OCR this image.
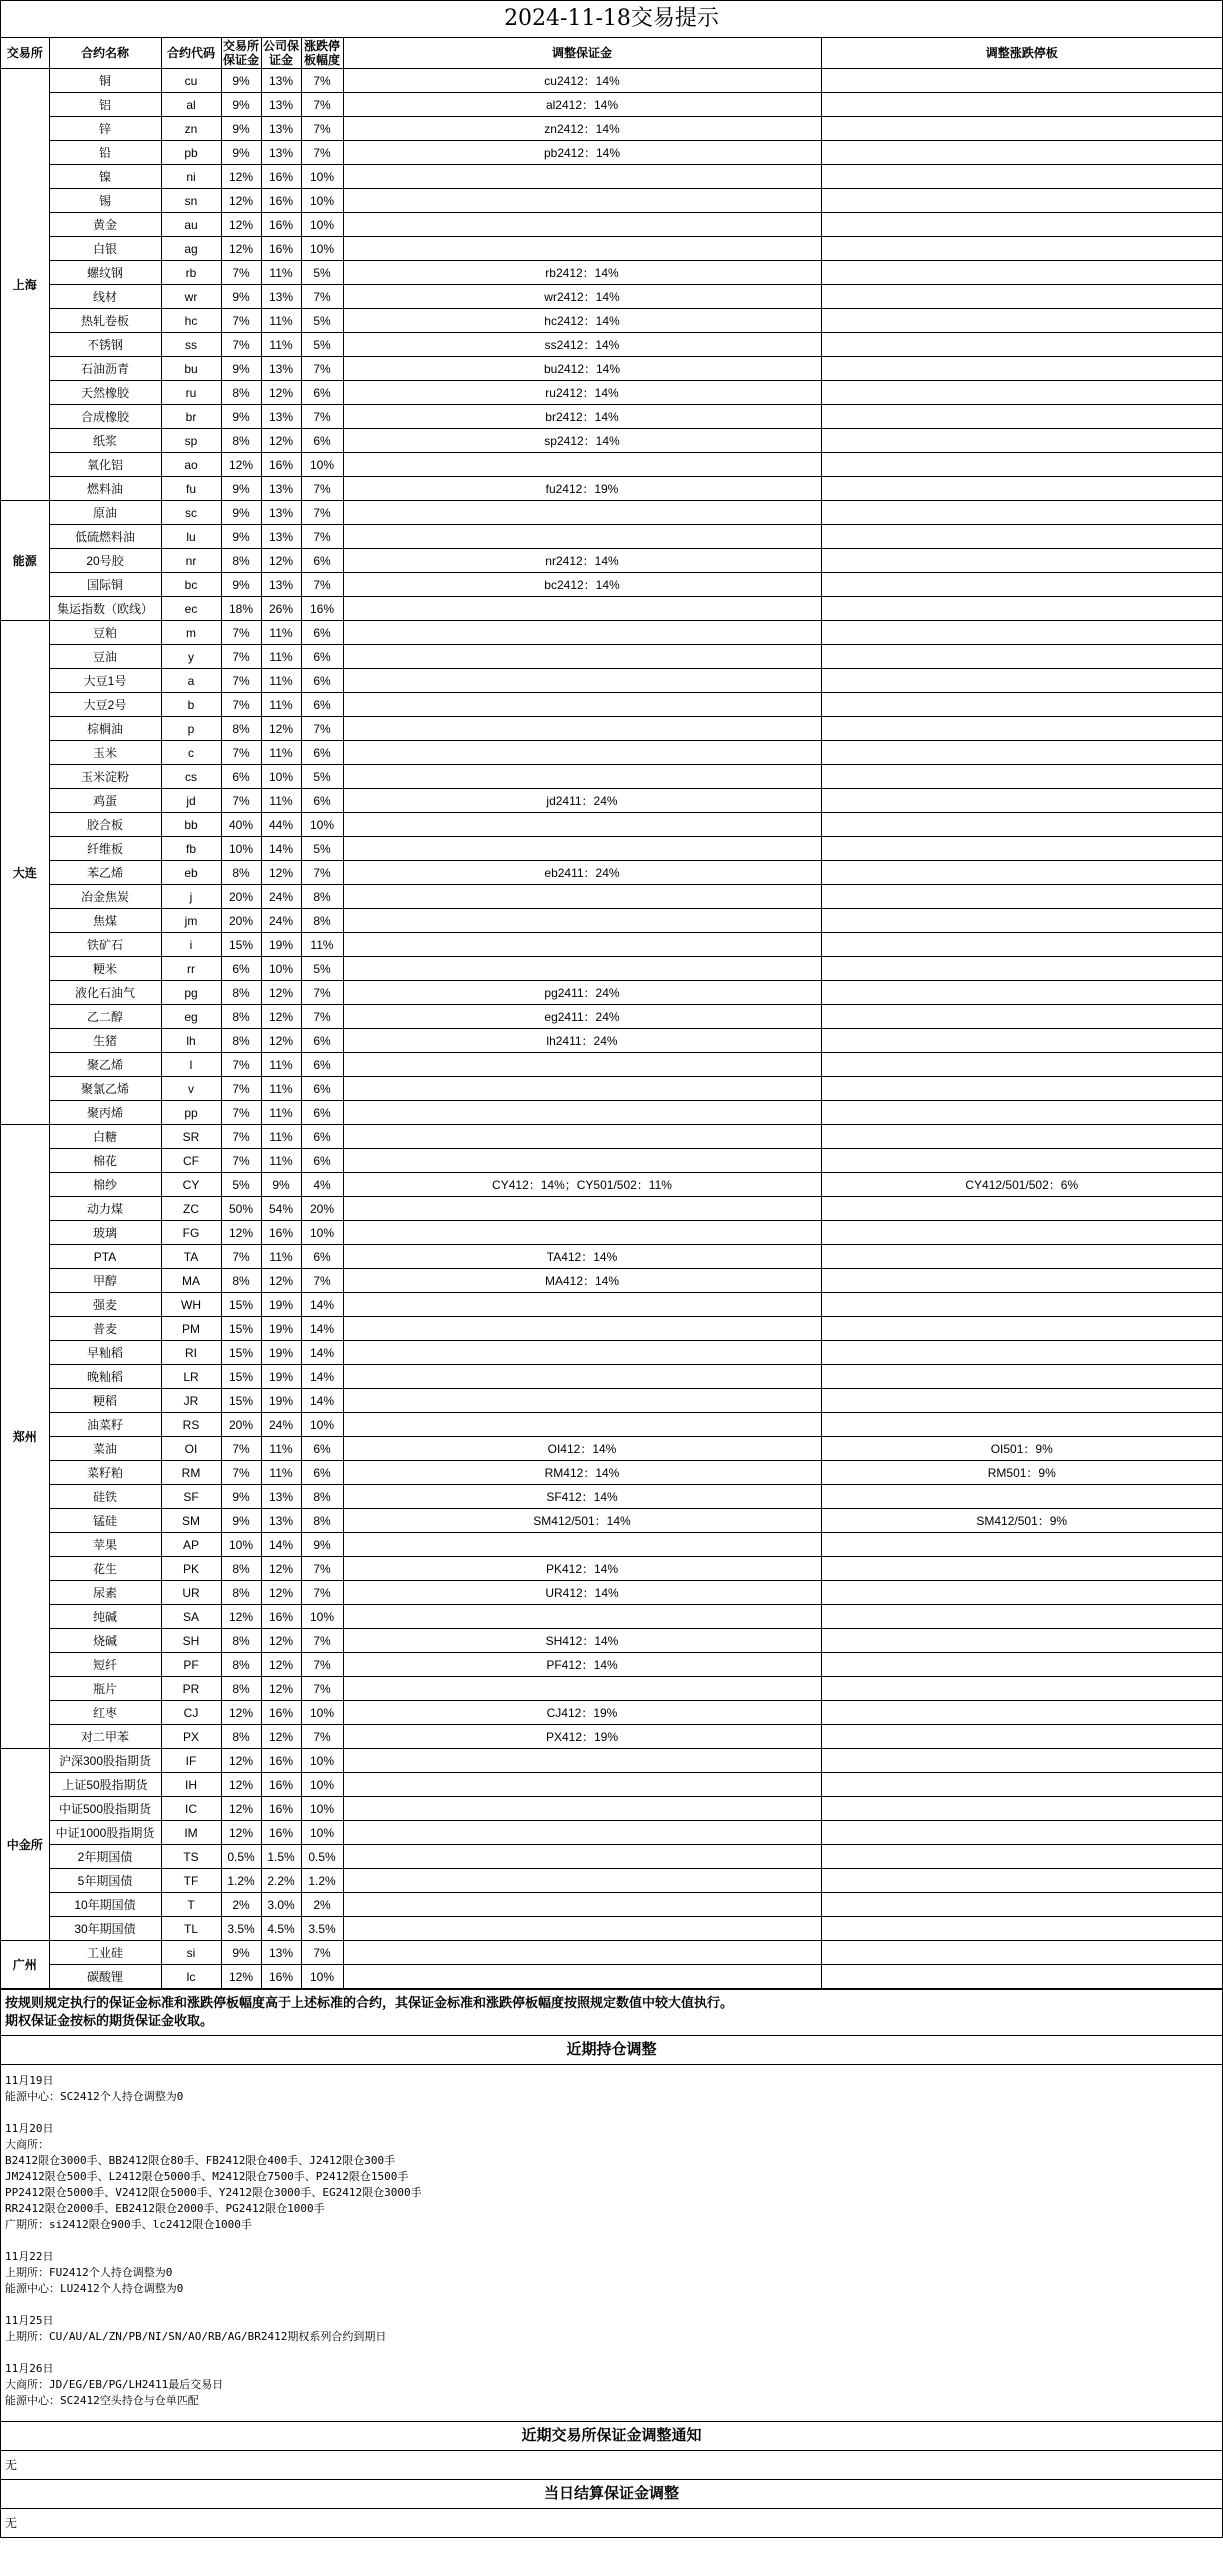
2024-11-18交易提示
交易所	合约名称	合约代码	交易所保证金	公司保证金	涨跌停板幅度	调整保证金	调整涨跌停板
上海	铜	cu	9%	13%	7%	cu2412：14%	
	铝	al	9%	13%	7%	al2412：14%	
	锌	zn	9%	13%	7%	zn2412：14%	
	铅	pb	9%	13%	7%	pb2412：14%	
	镍	ni	12%	16%	10%		
	锡	sn	12%	16%	10%		
	黄金	au	12%	16%	10%		
	白银	ag	12%	16%	10%		
	螺纹钢	rb	7%	11%	5%	rb2412：14%	
	线材	wr	9%	13%	7%	wr2412：14%	
	热轧卷板	hc	7%	11%	5%	hc2412：14%	
	不锈钢	ss	7%	11%	5%	ss2412：14%	
	石油沥青	bu	9%	13%	7%	bu2412：14%	
	天然橡胶	ru	8%	12%	6%	ru2412：14%	
	合成橡胶	br	9%	13%	7%	br2412：14%	
	纸浆	sp	8%	12%	6%	sp2412：14%	
	氧化铝	ao	12%	16%	10%		
	燃料油	fu	9%	13%	7%	fu2412：19%	
能源	原油	sc	9%	13%	7%		
	低硫燃料油	lu	9%	13%	7%		
	20号胶	nr	8%	12%	6%	nr2412：14%	
	国际铜	bc	9%	13%	7%	bc2412：14%	
	集运指数（欧线）	ec	18%	26%	16%		
大连	豆粕	m	7%	11%	6%		
	豆油	y	7%	11%	6%		
	大豆1号	a	7%	11%	6%		
	大豆2号	b	7%	11%	6%		
	棕榈油	p	8%	12%	7%		
	玉米	c	7%	11%	6%		
	玉米淀粉	cs	6%	10%	5%		
	鸡蛋	jd	7%	11%	6%	jd2411：24%	
	胶合板	bb	40%	44%	10%		
	纤维板	fb	10%	14%	5%		
	苯乙烯	eb	8%	12%	7%	eb2411：24%	
	冶金焦炭	j	20%	24%	8%		
	焦煤	jm	20%	24%	8%		
	铁矿石	i	15%	19%	11%		
	粳米	rr	6%	10%	5%		
	液化石油气	pg	8%	12%	7%	pg2411：24%	
	乙二醇	eg	8%	12%	7%	eg2411：24%	
	生猪	lh	8%	12%	6%	lh2411：24%	
	聚乙烯	l	7%	11%	6%		
	聚氯乙烯	v	7%	11%	6%		
	聚丙烯	pp	7%	11%	6%		
郑州	白糖	SR	7%	11%	6%		
	棉花	CF	7%	11%	6%		
	棉纱	CY	5%	9%	4%	CY412：14%；CY501/502：11%	CY412/501/502：6%
	动力煤	ZC	50%	54%	20%		
	玻璃	FG	12%	16%	10%		
	PTA	TA	7%	11%	6%	TA412：14%	
	甲醇	MA	8%	12%	7%	MA412：14%	
	强麦	WH	15%	19%	14%		
	普麦	PM	15%	19%	14%		
	早籼稻	RI	15%	19%	14%		
	晚籼稻	LR	15%	19%	14%		
	粳稻	JR	15%	19%	14%		
	油菜籽	RS	20%	24%	10%		
	菜油	OI	7%	11%	6%	OI412：14%	OI501：9%
	菜籽粕	RM	7%	11%	6%	RM412：14%	RM501：9%
	硅铁	SF	9%	13%	8%	SF412：14%	
	锰硅	SM	9%	13%	8%	SM412/501：14%	SM412/501：9%
	苹果	AP	10%	14%	9%		
	花生	PK	8%	12%	7%	PK412：14%	
	尿素	UR	8%	12%	7%	UR412：14%	
	纯碱	SA	12%	16%	10%		
	烧碱	SH	8%	12%	7%	SH412：14%	
	短纤	PF	8%	12%	7%	PF412：14%	
	瓶片	PR	8%	12%	7%		
	红枣	CJ	12%	16%	10%	CJ412：19%	
	对二甲苯	PX	8%	12%	7%	PX412：19%	
中金所	沪深300股指期货	IF	12%	16%	10%		
	上证50股指期货	IH	12%	16%	10%		
	中证500股指期货	IC	12%	16%	10%		
	中证1000股指期货	IM	12%	16%	10%		
	2年期国债	TS	0.5%	1.5%	0.5%		
	5年期国债	TF	1.2%	2.2%	1.2%		
	10年期国债	T	2%	3.0%	2%		
	30年期国债	TL	3.5%	4.5%	3.5%		
广州	工业硅	si	9%	13%	7%		
	碳酸锂	lc	12%	16%	10%		
按规则规定执行的保证金标准和涨跌停板幅度高于上述标准的合约，其保证金标准和涨跌停板幅度按照规定数值中较大值执行。
期权保证金按标的期货保证金收取。
近期持仓调整
11月19日
能源中心：SC2412个人持仓调整为0
11月20日
大商所：
B2412限仓3000手、BB2412限仓80手、FB2412限仓400手、J2412限仓300手
JM2412限仓500手、L2412限仓5000手、M2412限仓7500手、P2412限仓1500手
PP2412限仓5000手、V2412限仓5000手、Y2412限仓3000手、EG2412限仓3000手
RR2412限仓2000手、EB2412限仓2000手、PG2412限仓1000手
广期所：si2412限仓900手、lc2412限仓1000手
11月22日
上期所：FU2412个人持仓调整为0
能源中心：LU2412个人持仓调整为0
11月25日
上期所：CU/AU/AL/ZN/PB/NI/SN/AO/RB/AG/BR2412期权系列合约到期日
11月26日
大商所：JD/EG/EB/PG/LH2411最后交易日
能源中心：SC2412空头持仓与仓单匹配
近期交易所保证金调整通知
无
当日结算保证金调整
无
